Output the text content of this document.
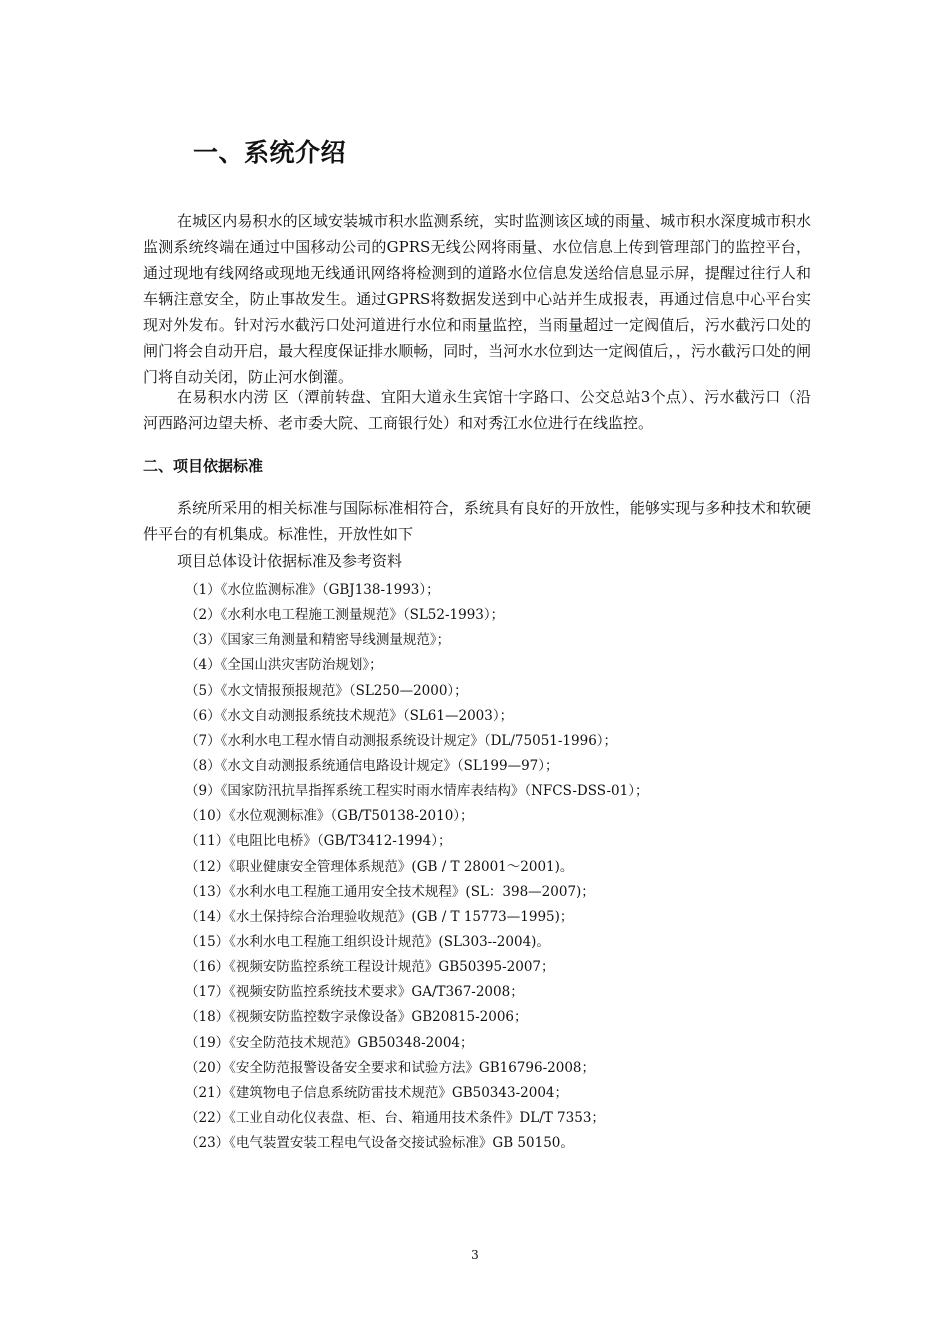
一、系统介绍

在城区内易积水的区域安装城市积水监测系统，实时监测该区域的雨量、城市积水深度城市积水监测系统终端在通过中国移动公司的GPRS无线公网将雨量、水位信息上传到管理部门的监控平台，通过现地有线网络或现地无线通讯网络将检测到的道路水位信息发送给信息显示屏，提醒过往行人和车辆注意安全，防止事故发生。通过GPRS将数据发送到中心站并生成报表，再通过信息中心平台实现对外发布。针对污水截污口处河道进行水位和雨量监控，当雨量超过一定阀值后，污水截污口处的闸门将会自动开启，最大程度保证排水顺畅，同时，当河水水位到达一定阀值后，，污水截污口处的闸门将自动关闭，防止河水倒灌。

在易积水内涝 区（潭前转盘、宜阳大道永生宾馆十字路口、公交总站3个点）、污水截污口（沿河西路河边望夫桥、老市委大院、工商银行处）和对秀江水位进行在线监控。

二、项目依据标准

系统所采用的相关标准与国际标准相符合，系统具有良好的开放性，能够实现与多种技术和软硬件平台的有机集成。标准性，开放性如下

项目总体设计依据标准及参考资料
（1）《水位监测标准》（GBJ138-1993）；
（2）《水利水电工程施工测量规范》（SL52-1993）；
（3）《国家三角测量和精密导线测量规范》；
（4）《全国山洪灾害防治规划》；
（5）《水文情报预报规范》（SL250—2000）；
（6）《水文自动测报系统技术规范》（SL61—2003）；
（7）《水利水电工程水情自动测报系统设计规定》（DL/75051-1996）；
（8）《水文自动测报系统通信电路设计规定》（SL199—97）；
（9）《国家防汛抗旱指挥系统工程实时雨水情库表结构》（NFCS-DSS-01）；
（10）《水位观测标准》（GB/T50138-2010）；
（11）《电阻比电桥》（GB/T3412-1994）；
（12）《职业健康安全管理体系规范》(GB / T 28001～2001)。
（13）《水利水电工程施工通用安全技术规程》(SL：398—2007)；
（14）《水土保持综合治理验收规范》(GB / T 15773—1995)；
（15）《水利水电工程施工组织设计规范》(SL303--2004)。
（16）《视频安防监控系统工程设计规范》GB50395-2007；
（17）《视频安防监控系统技术要求》GA/T367-2008；
（18）《视频安防监控数字录像设备》GB20815-2006；
（19）《安全防范技术规范》GB50348-2004；
（20）《安全防范报警设备安全要求和试验方法》GB16796-2008；
（21）《建筑物电子信息系统防雷技术规范》GB50343-2004；
（22）《工业自动化仪表盘、柜、台、箱通用技术条件》DL/T 7353；
（23）《电气装置安装工程电气设备交接试验标准》GB 50150。
3
